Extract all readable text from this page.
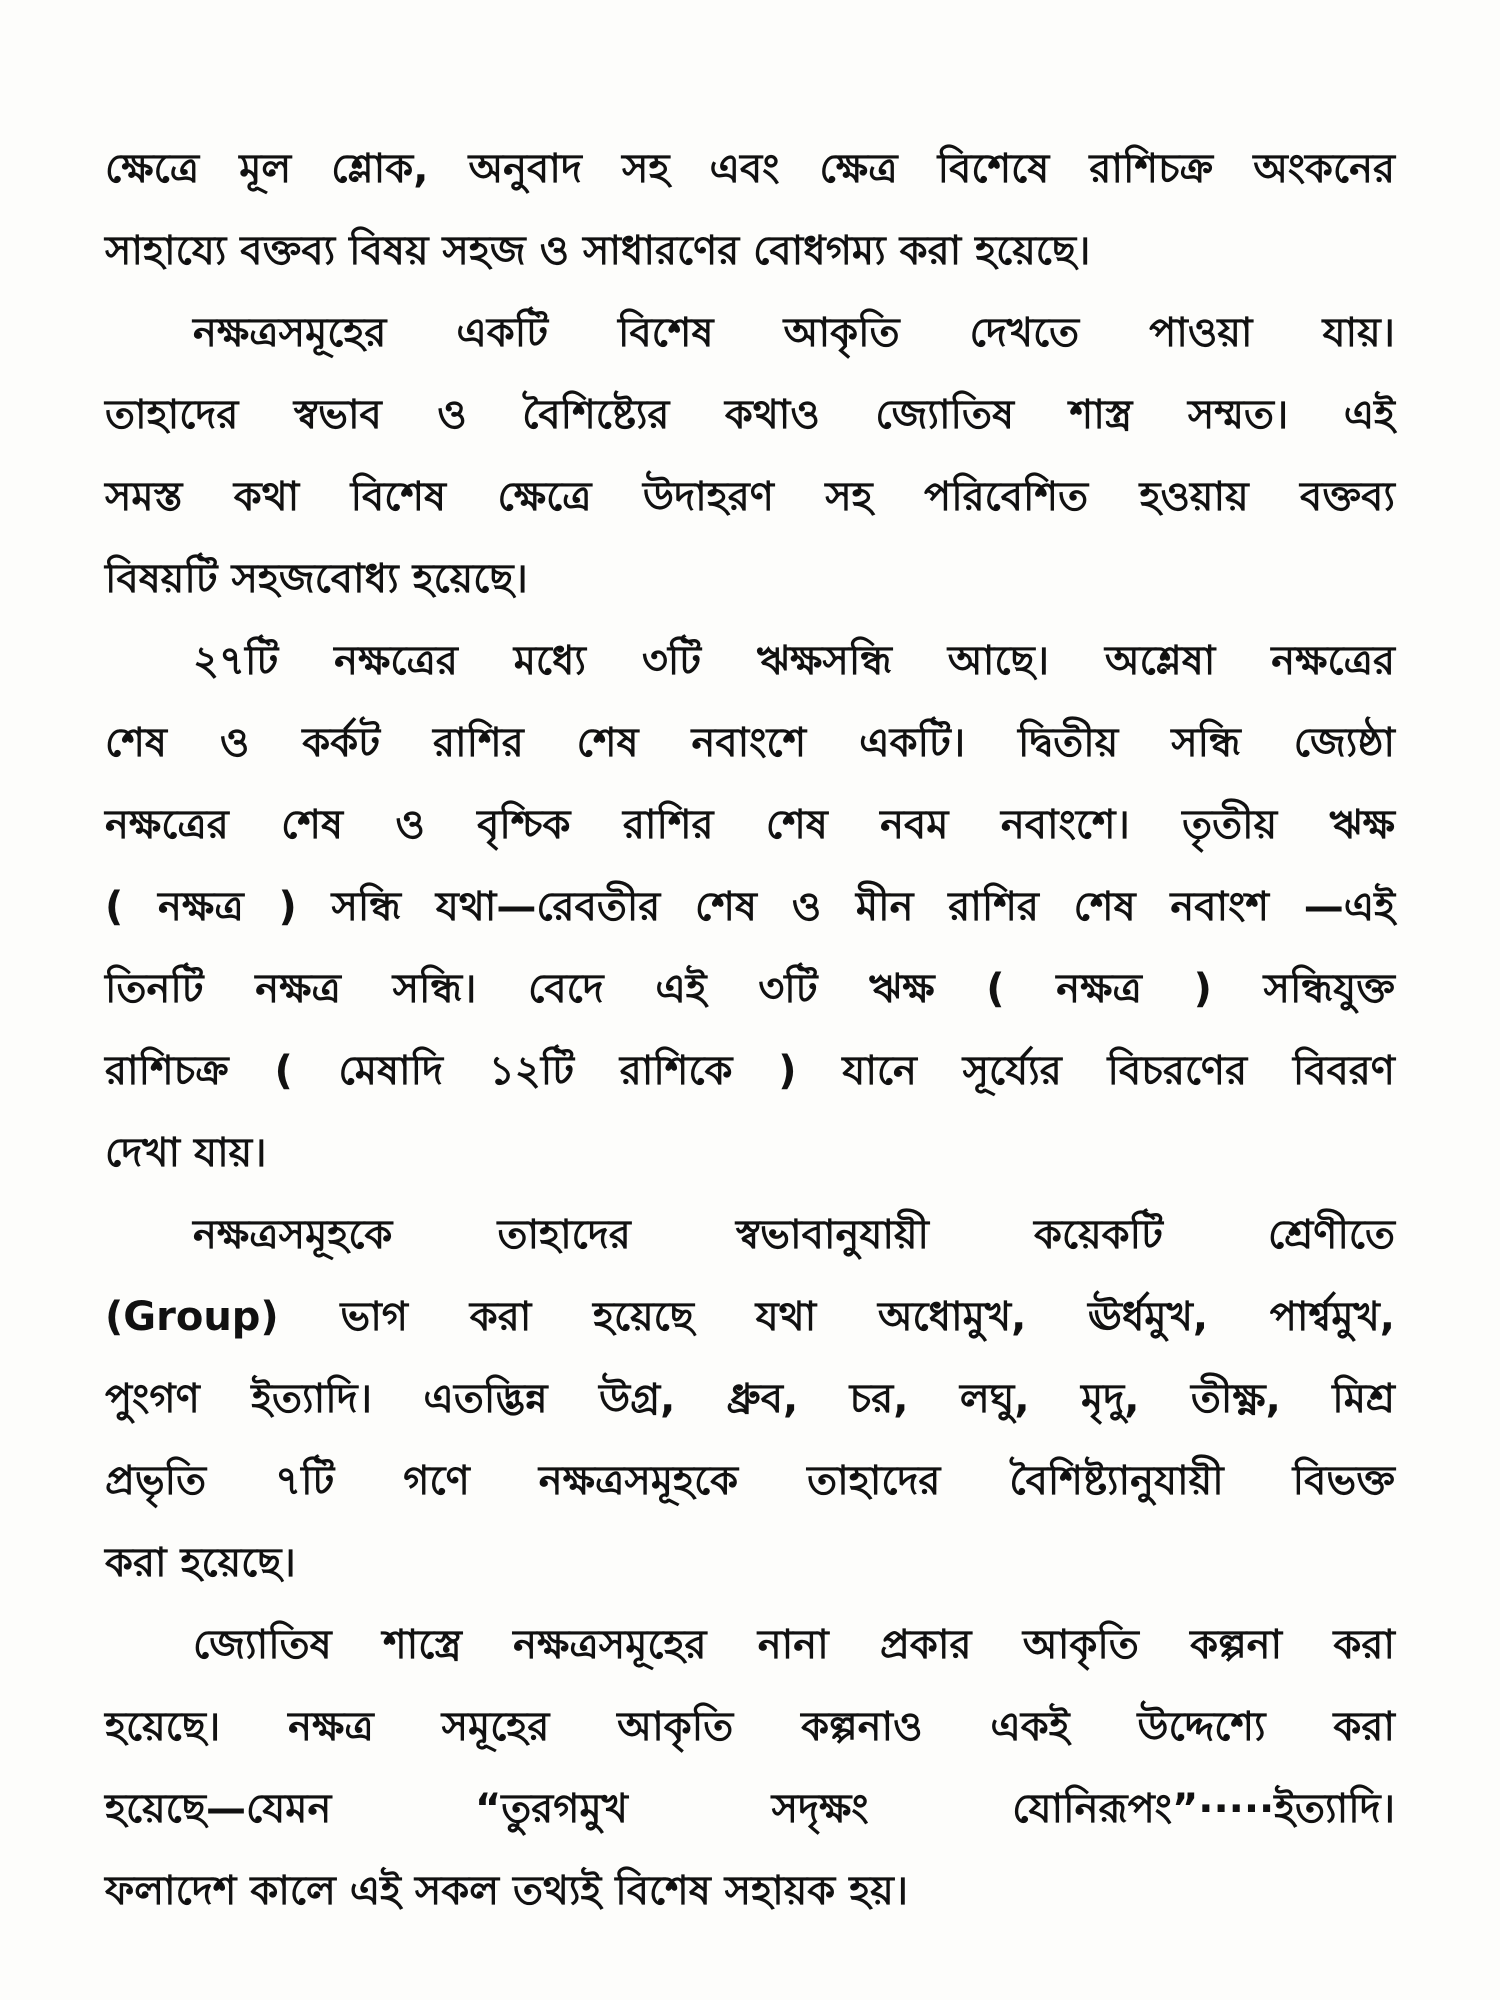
ক্ষেত্রে মূল শ্লোক, অনুবাদ সহ এবং ক্ষেত্র বিশেষে রাশিচক্র অংকনের
সাহায্যে বক্তব্য বিষয় সহজ ও সাধারণের বোধগম্য করা হয়েছে।

নক্ষত্রসমূহের একটি বিশেষ আকৃতি দেখতে পাওয়া যায়।
তাহাদের স্বভাব ও বৈশিষ্ট্যের কথাও জ্যোতিষ শাস্ত্র সম্মত। এই
সমস্ত কথা বিশেষ ক্ষেত্রে উদাহরণ সহ পরিবেশিত হওয়ায় বক্তব্য
বিষয়টি সহজবোধ্য হয়েছে।

২৭টি নক্ষত্রের মধ্যে ৩টি ঋক্ষসন্ধি আছে। অশ্লেষা নক্ষত্রের
শেষ ও কর্কট রাশির শেষ নবাংশে একটি। দ্বিতীয় সন্ধি জ্যেষ্ঠা
নক্ষত্রের শেষ ও বৃশ্চিক রাশির শেষ নবম নবাংশে। তৃতীয় ঋক্ষ
( নক্ষত্র ) সন্ধি যথা—রেবতীর শেষ ও মীন রাশির শেষ নবাংশ —এই
তিনটি নক্ষত্র সন্ধি। বেদে এই ৩টি ঋক্ষ ( নক্ষত্র ) সন্ধিযুক্ত
রাশিচক্র ( মেষাদি ১২টি রাশিকে ) যানে সূর্য্যের বিচরণের বিবরণ
দেখা যায়।

নক্ষত্রসমূহকে তাহাদের স্বভাবানুযায়ী কয়েকটি শ্রেণীতে
(Group) ভাগ করা হয়েছে যথা অধোমুখ, ঊর্ধমুখ, পার্শ্বমুখ,
পুংগণ ইত্যাদি। এতদ্ভিন্ন উগ্র, ধ্রুব, চর, লঘু, মৃদু, তীক্ষ্ণ, মিশ্র
প্রভৃতি ৭টি গণে নক্ষত্রসমূহকে তাহাদের বৈশিষ্ট্যানুযায়ী বিভক্ত
করা হয়েছে।

জ্যোতিষ শাস্ত্রে নক্ষত্রসমূহের নানা প্রকার আকৃতি কল্পনা করা
হয়েছে। নক্ষত্র সমূহের আকৃতি কল্পনাও একই উদ্দেশ্যে করা
হয়েছে—যেমন “তুরগমুখ সদৃক্ষং যোনিরূপং”·····ইত্যাদি।
ফলাদেশ কালে এই সকল তথ্যই বিশেষ সহায়ক হয়।
